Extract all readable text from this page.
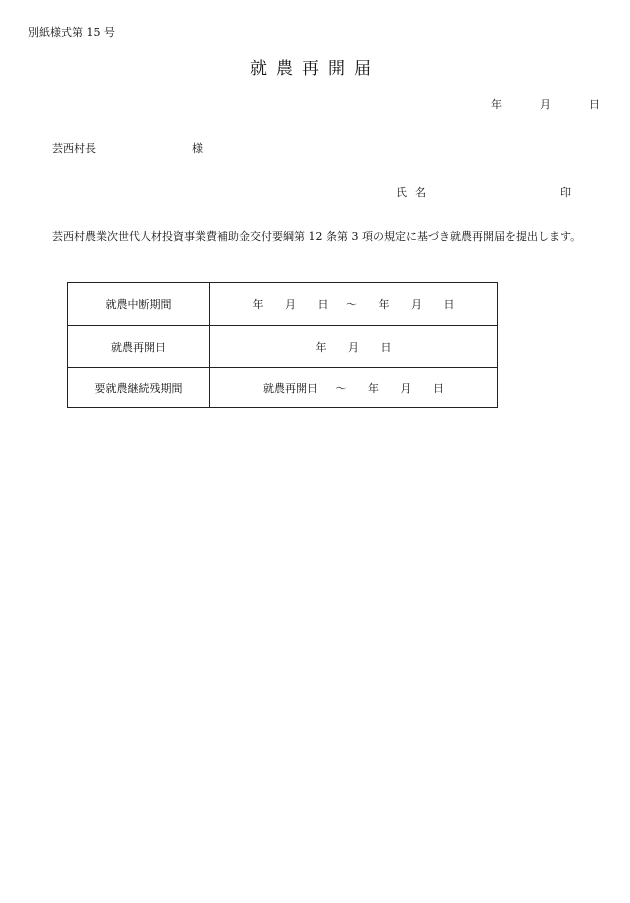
別紙様式第 15 号
就農再開届
年	月	日
芸西村長	様
氏名	印
芸西村農業次世代人材投資事業費補助金交付要綱第 12 条第 3 項の規定に基づき就農再開届を提出します。
就農中断期間	年 月 日 ～ 年 月 日
就農再開日	年 月 日
要就農継続残期間	就農再開日 ～ 年 月 日
